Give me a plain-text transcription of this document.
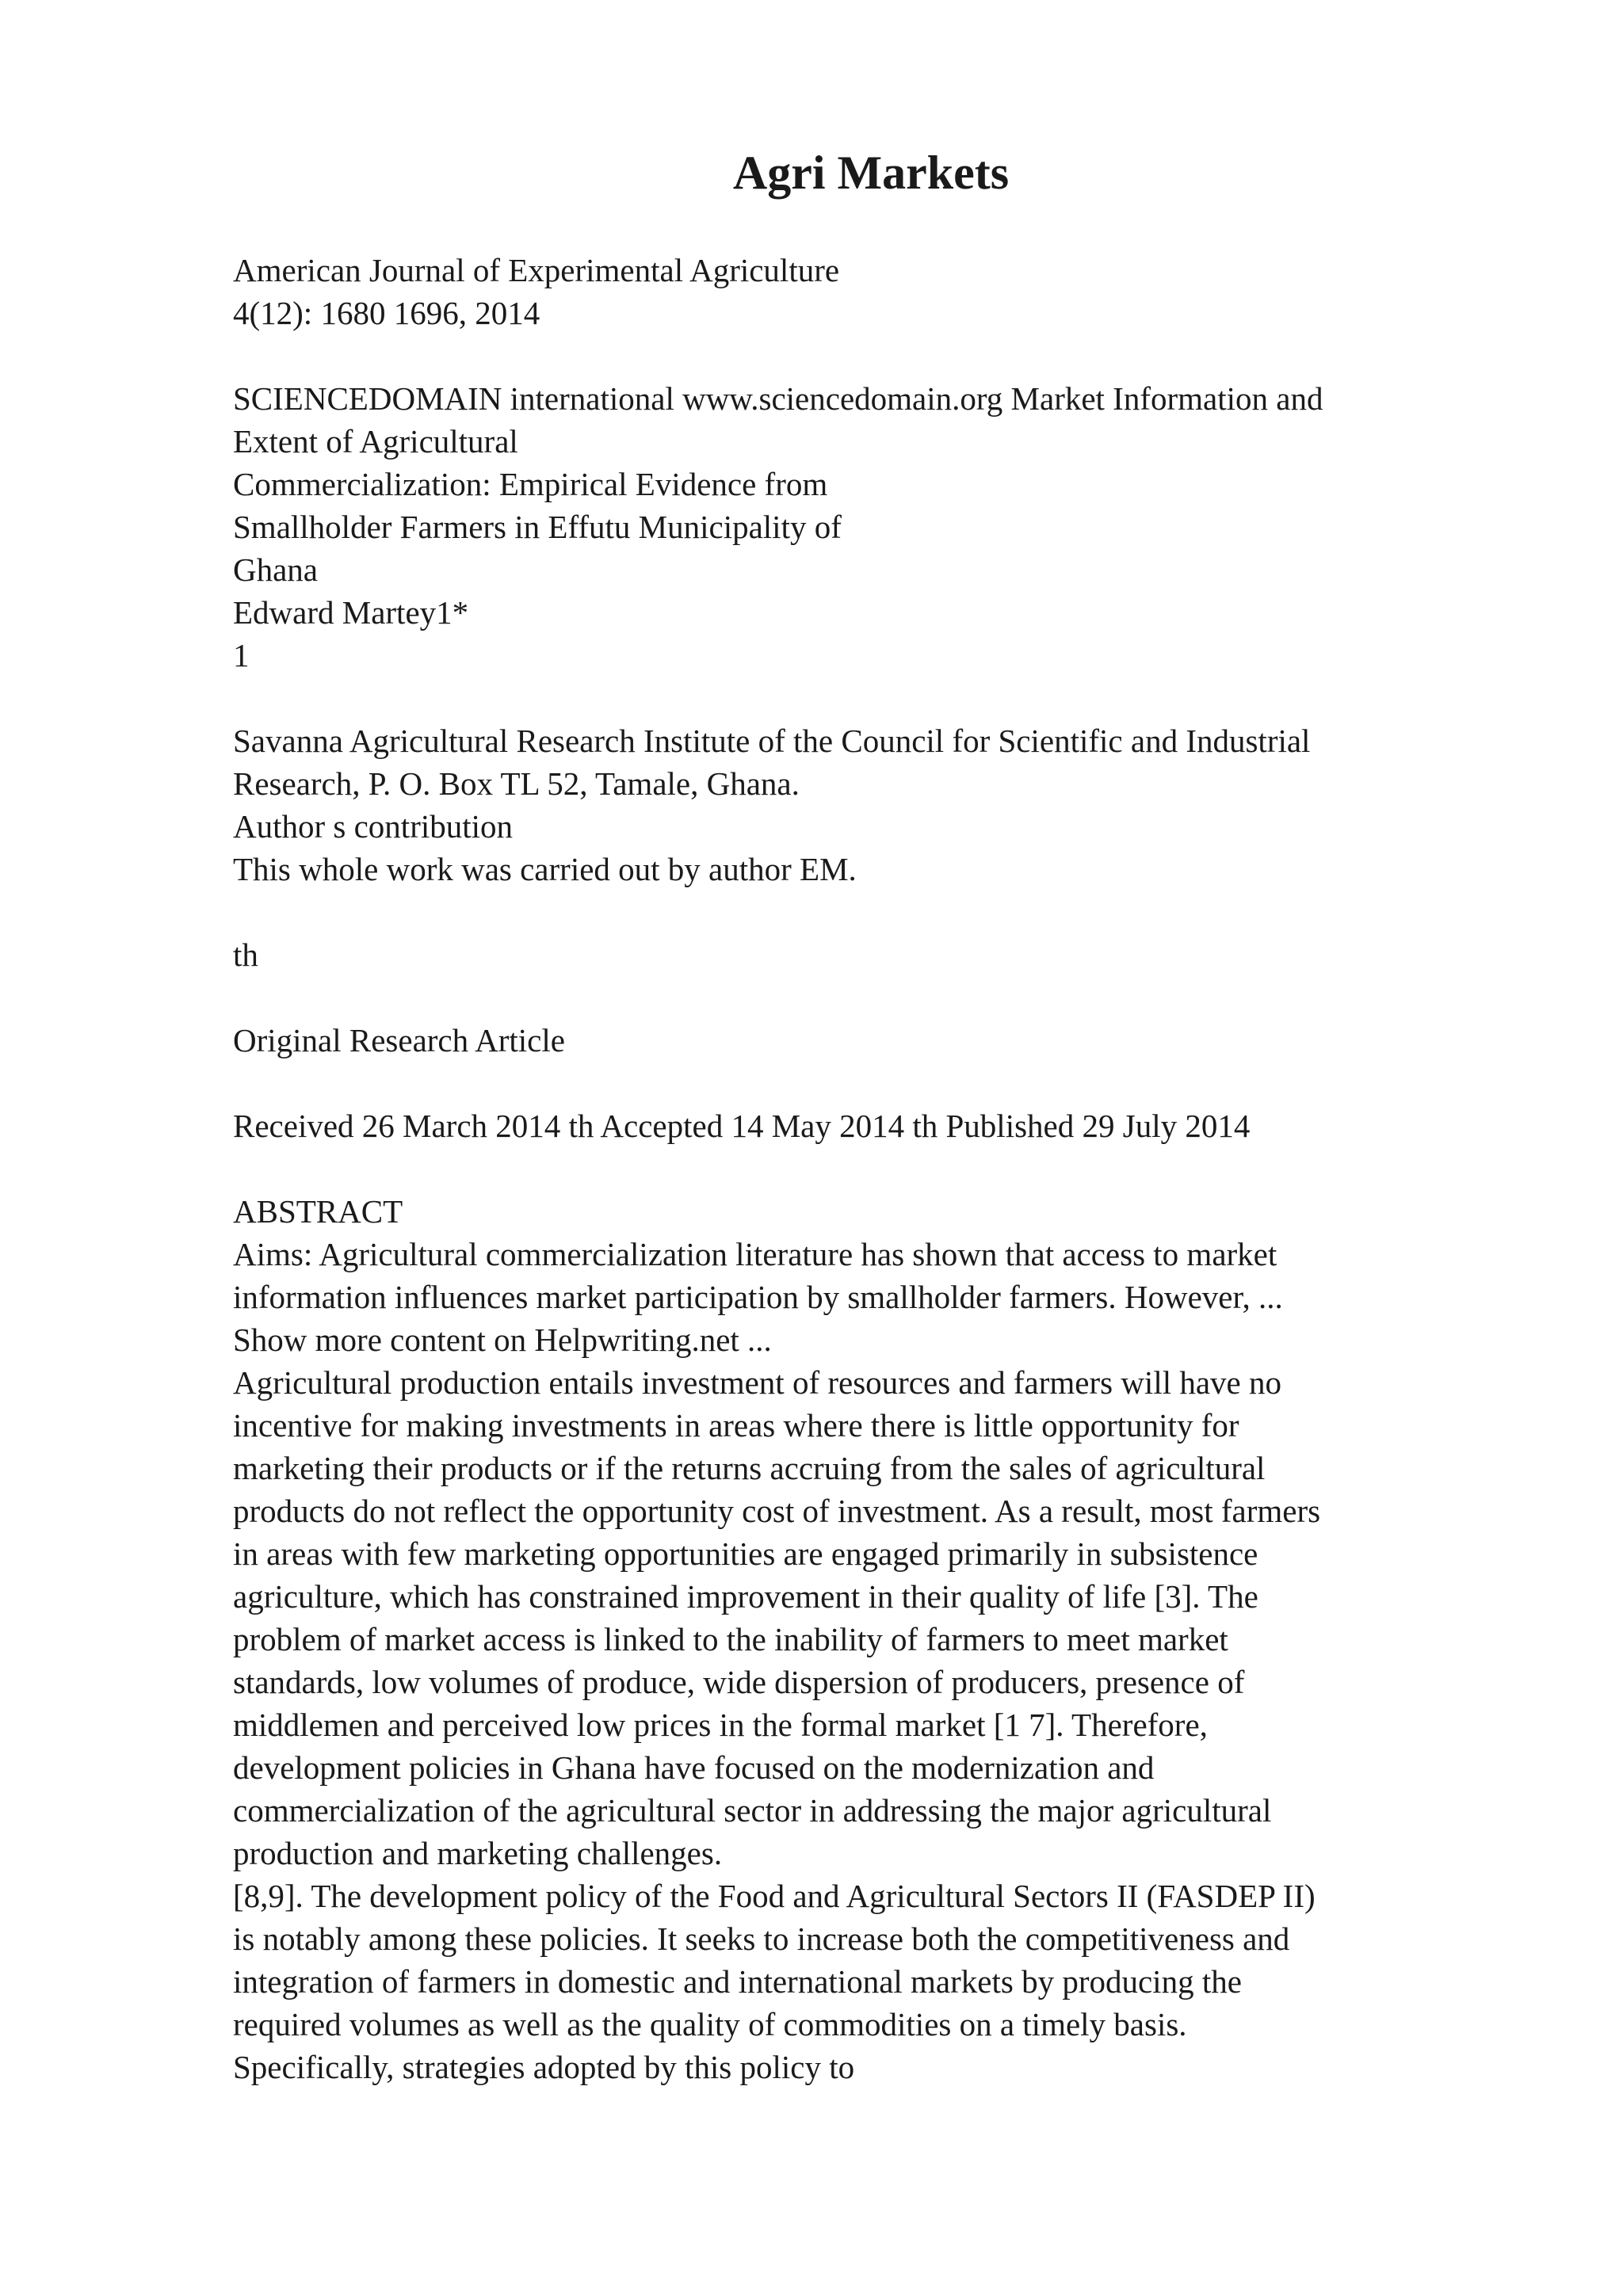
Agri Markets
American Journal of Experimental Agriculture
4(12): 1680 1696, 2014
SCIENCEDOMAIN international www.sciencedomain.org Market Information and
Extent of Agricultural
Commercialization: Empirical Evidence from
Smallholder Farmers in Effutu Municipality of
Ghana
Edward Martey1*
1
Savanna Agricultural Research Institute of the Council for Scientific and Industrial
Research, P. O. Box TL 52, Tamale, Ghana.
Author s contribution
This whole work was carried out by author EM.
th
Original Research Article
Received 26 March 2014 th Accepted 14 May 2014 th Published 29 July 2014
ABSTRACT
Aims: Agricultural commercialization literature has shown that access to market
information influences market participation by smallholder farmers. However, ...
Show more content on Helpwriting.net ...
Agricultural production entails investment of resources and farmers will have no
incentive for making investments in areas where there is little opportunity for
marketing their products or if the returns accruing from the sales of agricultural
products do not reflect the opportunity cost of investment. As a result, most farmers
in areas with few marketing opportunities are engaged primarily in subsistence
agriculture, which has constrained improvement in their quality of life [3]. The
problem of market access is linked to the inability of farmers to meet market
standards, low volumes of produce, wide dispersion of producers, presence of
middlemen and perceived low prices in the formal market [1 7]. Therefore,
development policies in Ghana have focused on the modernization and
commercialization of the agricultural sector in addressing the major agricultural
production and marketing challenges.
[8,9]. The development policy of the Food and Agricultural Sectors II (FASDEP II)
is notably among these policies. It seeks to increase both the competitiveness and
integration of farmers in domestic and international markets by producing the
required volumes as well as the quality of commodities on a timely basis.
Specifically, strategies adopted by this policy to
